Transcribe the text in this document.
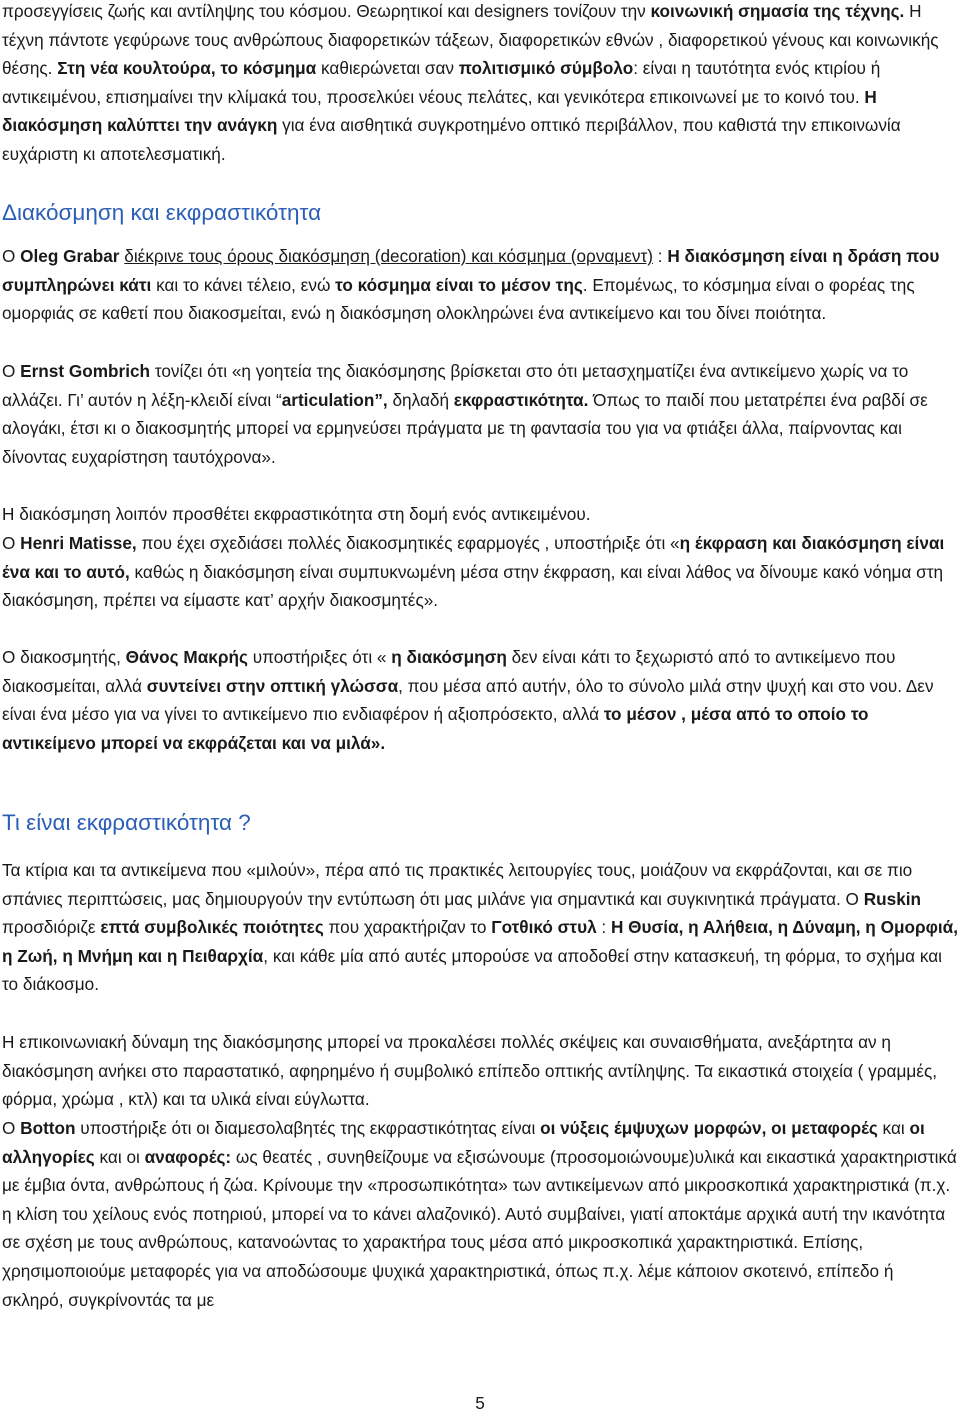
προσεγγίσεις ζωής και αντίληψης του κόσμου. Θεωρητικοί και designers τονίζουν την κοινωνική σημασία της τέχνης. Η τέχνη πάντοτε γεφύρωνε τους ανθρώπους διαφορετικών τάξεων, διαφορετικών εθνών , διαφορετικού γένους και κοινωνικής θέσης. Στη νέα κουλτούρα, το κόσμημα καθιερώνεται σαν πολιτισμικό σύμβολο: είναι η ταυτότητα ενός κτιρίου ή αντικειμένου, επισημαίνει την κλίμακά του, προσελκύει νέους πελάτες, και γενικότερα επικοινωνεί με το κοινό του. Η διακόσμηση καλύπτει την ανάγκη για ένα αισθητικά συγκροτημένο οπτικό περιβάλλον, που καθιστά την επικοινωνία ευχάριστη κι αποτελεσματική.

Διακόσμηση και εκφραστικότητα

Ο Oleg Grabar διέκρινε τους όρους διακόσμηση (decoration) και κόσμημα (ορναμεντ) : Η διακόσμηση είναι η δράση που συμπληρώνει κάτι και το κάνει τέλειο, ενώ το κόσμημα είναι το μέσον της. Επομένως, το κόσμημα είναι ο φορέας της ομορφιάς σε καθετί που διακοσμείται, ενώ η διακόσμηση ολοκληρώνει ένα αντικείμενο και του δίνει ποιότητα.

Ο Ernst Gombrich τονίζει ότι «η γοητεία της διακόσμησης βρίσκεται στο ότι μετασχηματίζει ένα αντικείμενο χωρίς να το αλλάζει. Γι’ αυτόν η λέξη-κλειδί είναι “articulation”, δηλαδή εκφραστικότητα. Όπως το παιδί που μετατρέπει ένα ραβδί σε αλογάκι, έτσι κι ο διακοσμητής μπορεί να ερμηνεύσει πράγματα με τη φαντασία του για να φτιάξει άλλα, παίρνοντας και δίνοντας ευχαρίστηση ταυτόχρονα».

Η διακόσμηση λοιπόν προσθέτει εκφραστικότητα στη δομή ενός αντικειμένου.

Ο Henri Matisse, που έχει σχεδιάσει πολλές διακοσμητικές εφαρμογές , υποστήριξε ότι «η έκφραση και διακόσμηση είναι ένα και το αυτό, καθώς η διακόσμηση είναι συμπυκνωμένη μέσα στην έκφραση, και είναι λάθος να δίνουμε κακό νόημα στη διακόσμηση, πρέπει να είμαστε κατ’ αρχήν διακοσμητές».

Ο διακοσμητής, Θάνος Μακρής υποστήριξες ότι « η διακόσμηση δεν είναι κάτι το ξεχωριστό από το αντικείμενο που διακοσμείται, αλλά συντείνει στην οπτική γλώσσα, που μέσα από αυτήν, όλο το σύνολο μιλά στην ψυχή και στο νου. Δεν είναι ένα μέσο για να γίνει το αντικείμενο πιο ενδιαφέρον ή αξιοπρόσεκτο, αλλά το μέσον , μέσα από το οποίο το αντικείμενο μπορεί να εκφράζεται και να μιλά».

Τι είναι εκφραστικότητα ?

Τα κτίρια και τα αντικείμενα που «μιλούν», πέρα από τις πρακτικές λειτουργίες τους, μοιάζουν να εκφράζονται, και σε πιο σπάνιες περιπτώσεις, μας δημιουργούν την εντύπωση ότι μας μιλάνε για σημαντικά και συγκινητικά πράγματα. Ο Ruskin προσδιόριζε επτά συμβολικές ποιότητες που χαρακτήριζαν το Γοτθικό στυλ : Η Θυσία, η Αλήθεια, η Δύναμη, η Ομορφιά, η Ζωή, η Μνήμη και η Πειθαρχία, και κάθε μία από αυτές μπορούσε να αποδοθεί στην κατασκευή, τη φόρμα, το σχήμα και το διάκοσμο.

Η επικοινωνιακή δύναμη της διακόσμησης μπορεί να προκαλέσει πολλές σκέψεις και συναισθήματα, ανεξάρτητα αν η διακόσμηση ανήκει στο παραστατικό, αφηρημένο ή συμβολικό επίπεδο οπτικής αντίληψης. Τα εικαστικά στοιχεία ( γραμμές, φόρμα, χρώμα , κτλ) και τα υλικά είναι εύγλωττα.

Ο Botton υποστήριξε ότι οι διαμεσολαβητές της εκφραστικότητας είναι οι νύξεις έμψυχων μορφών, οι μεταφορές και οι αλληγορίες και οι αναφορές: ως θεατές , συνηθείζουμε να εξισώνουμε (προσομοιώνουμε)υλικά και εικαστικά χαρακτηριστικά με έμβια όντα, ανθρώπους ή ζώα. Κρίνουμε την «προσωπικότητα» των αντικείμενων από μικροσκοπικά χαρακτηριστικά (π.χ. η κλίση του χείλους ενός ποτηριού, μπορεί να το κάνει αλαζονικό). Αυτό συμβαίνει, γιατί αποκτάμε αρχικά αυτή την ικανότητα σε σχέση με τους ανθρώπους, κατανοώντας το χαρακτήρα τους μέσα από μικροσκοπικά χαρακτηριστικά. Επίσης, χρησιμοποιούμε μεταφορές για να αποδώσουμε ψυχικά χαρακτηριστικά, όπως π.χ. λέμε κάποιον σκοτεινό, επίπεδο ή σκληρό, συγκρίνοντάς τα με

5
